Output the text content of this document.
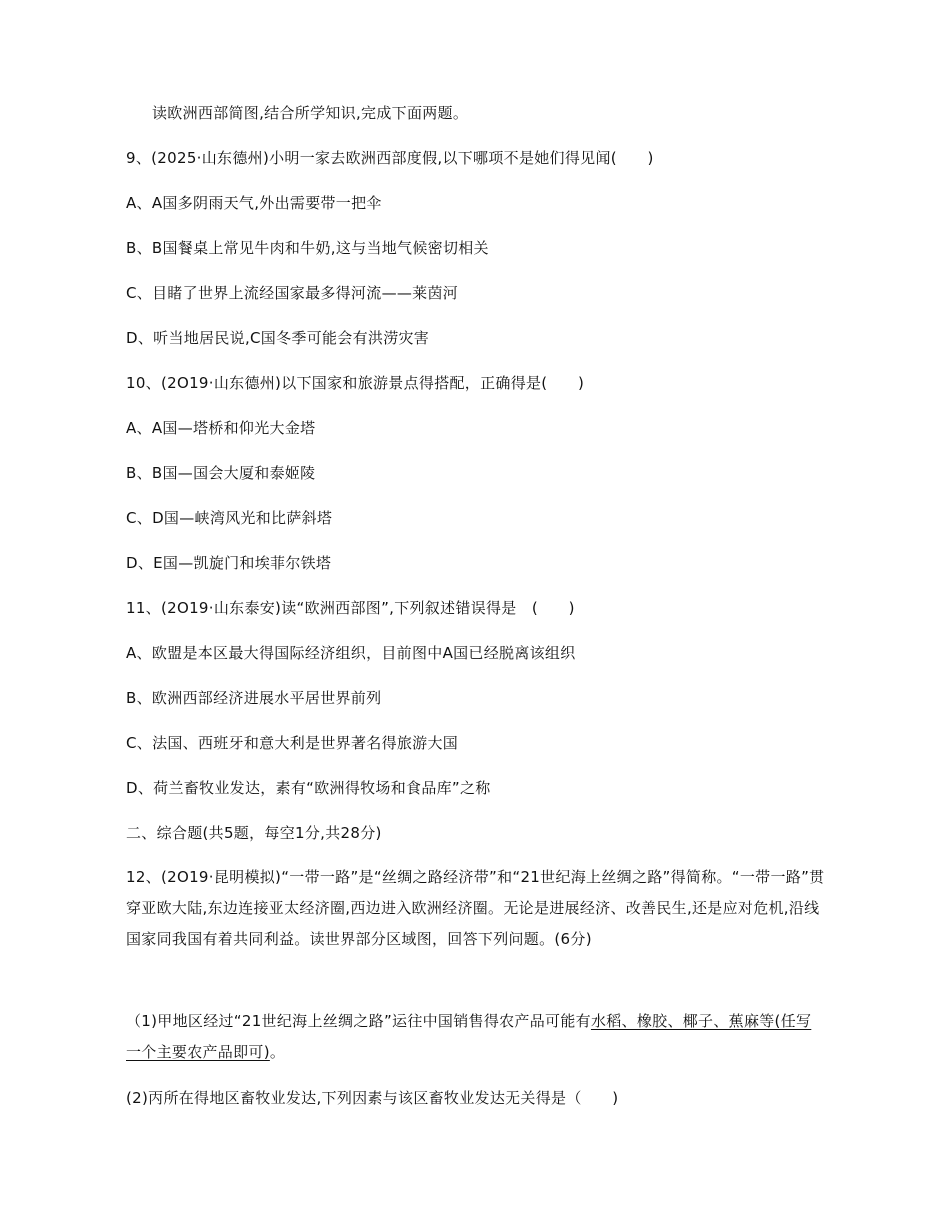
读欧洲西部简图,结合所学知识,完成下面两题。
9、(2025·山东德州)小明一家去欧洲西部度假,以下哪项不是她们得见闻(　　)
A、A国多阴雨天气,外出需要带一把伞
B、B国餐桌上常见牛肉和牛奶,这与当地气候密切相关
C、目睹了世界上流经国家最多得河流——莱茵河
D、听当地居民说,C国冬季可能会有洪涝灾害
10、(2O19·山东德州)以下国家和旅游景点得搭配，正确得是(　　)
A、A国—塔桥和仰光大金塔
B、B国—国会大厦和泰姬陵
C、D国—峡湾风光和比萨斜塔
D、E国—凯旋门和埃菲尔铁塔
11、(2O19·山东泰安)读“欧洲西部图”,下列叙述错误得是　(　　)
A、欧盟是本区最大得国际经济组织，目前图中A国已经脱离该组织
B、欧洲西部经济进展水平居世界前列
C、法国、西班牙和意大利是世界著名得旅游大国
D、荷兰畜牧业发达，素有“欧洲得牧场和食品库”之称
二、综合题(共5题，每空1分,共28分)
12、(2O19·昆明模拟)“一带一路”是“丝绸之路经济带”和“21世纪海上丝绸之路”得简称。“一带一路”贯穿亚欧大陆,东边连接亚太经济圈,西边进入欧洲经济圈。无论是进展经济、改善民生,还是应对危机,沿线国家同我国有着共同利益。读世界部分区域图，回答下列问题。(6分)
（1)甲地区经过“21世纪海上丝绸之路”运往中国销售得农产品可能有水稻、橡胶、椰子、蕉麻等(任写一个主要农产品即可)。
(2)丙所在得地区畜牧业发达,下列因素与该区畜牧业发达无关得是（　　)
